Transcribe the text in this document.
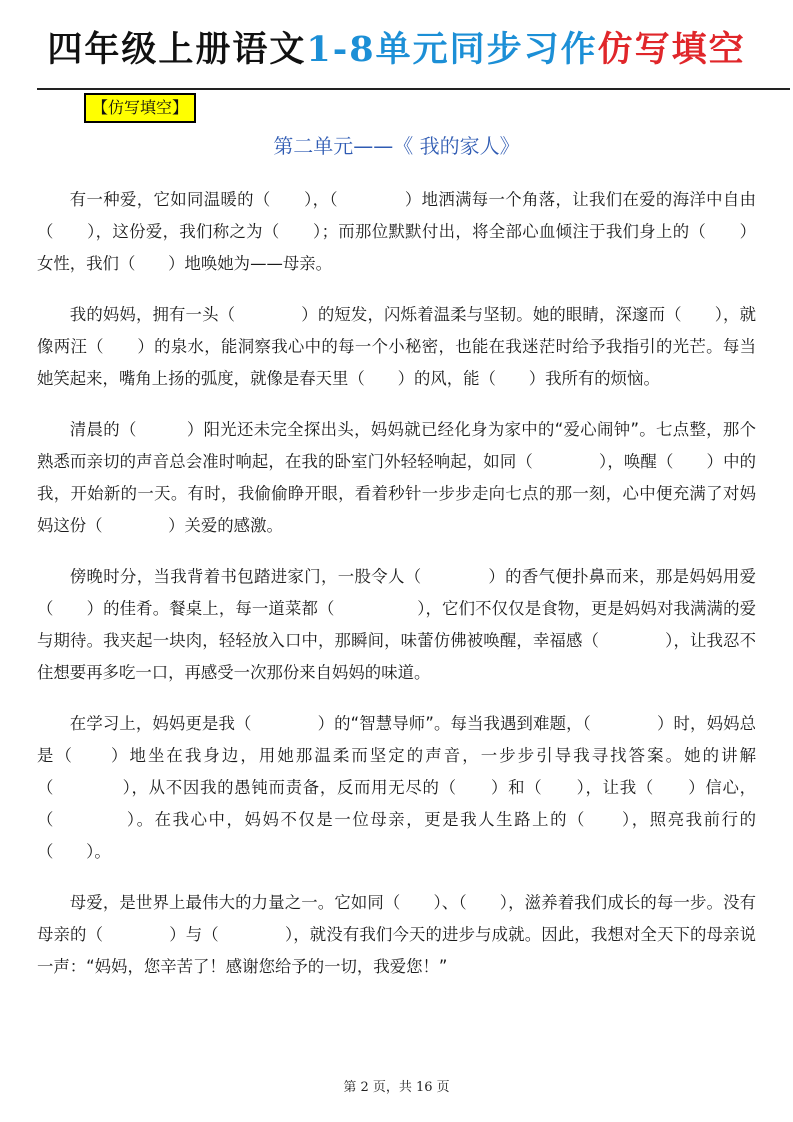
四年级上册语文1-8单元同步习作仿写填空
【仿写填空】
第二单元——《 我的家人》

有一种爱，它如同温暖的（　　），（　　　　）地洒满每一个角落，让我们在爱的海洋中自由（　　），这份爱，我们称之为（　　）；而那位默默付出，将全部心血倾注于我们身上的（　　）女性，我们（　　）地唤她为——母亲。

我的妈妈，拥有一头（　　　　）的短发，闪烁着温柔与坚韧。她的眼睛，深邃而（　　），就像两汪（　　）的泉水，能洞察我心中的每一个小秘密，也能在我迷茫时给予我指引的光芒。每当她笑起来，嘴角上扬的弧度，就像是春天里（　　）的风，能（　　）我所有的烦恼。

清晨的（　　　）阳光还未完全探出头，妈妈就已经化身为家中的“爱心闹钟”。七点整，那个熟悉而亲切的声音总会准时响起，在我的卧室门外轻轻响起，如同（　　　　），唤醒（　　）中的我，开始新的一天。有时，我偷偷睁开眼，看着秒针一步步走向七点的那一刻，心中便充满了对妈妈这份（　　　　）关爱的感激。

傍晚时分，当我背着书包踏进家门，一股令人（　　　　）的香气便扑鼻而来，那是妈妈用爱（　　）的佳肴。餐桌上，每一道菜都（　　　　　），它们不仅仅是食物，更是妈妈对我满满的爱与期待。我夹起一块肉，轻轻放入口中，那瞬间，味蕾仿佛被唤醒，幸福感（　　　　），让我忍不住想要再多吃一口，再感受一次那份来自妈妈的味道。

在学习上，妈妈更是我（　　　　）的“智慧导师”。每当我遇到难题，（　　　　）时，妈妈总是（　　）地坐在我身边，用她那温柔而坚定的声音，一步步引导我寻找答案。她的讲解（　　　　），从不因我的愚钝而责备，反而用无尽的（　　）和（　　），让我（　　）信心，（　　　　）。在我心中，妈妈不仅是一位母亲，更是我人生路上的（　　），照亮我前行的（　　）。

母爱，是世界上最伟大的力量之一。它如同（　　）、（　　），滋养着我们成长的每一步。没有母亲的（　　　　）与（　　　　），就没有我们今天的进步与成就。因此，我想对全天下的母亲说一声：“妈妈，您辛苦了！感谢您给予的一切，我爱您！”

第 2 页，共 16 页
